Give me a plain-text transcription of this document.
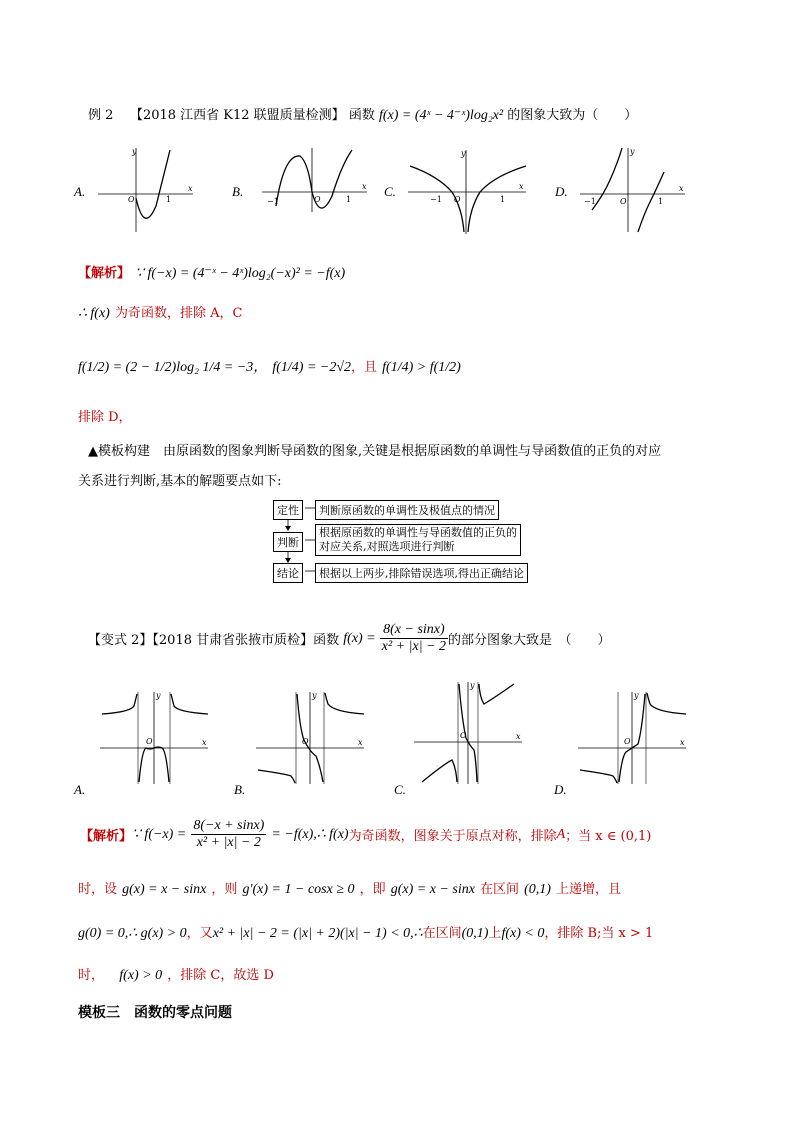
例 2 【2018 江西省 K12 联盟质量检测】 函数 f(x) = (4ˣ − 4⁻ˣ)log₂x² 的图象大致为（　　）
A.
y
x
O	1
B.
−1	O	1
x C.
y
−1 O	1
x D.
y
−1	O	1
x
【解析】 ∵ f(−x) = (4⁻ˣ − 4ˣ)log₂(−x)² = −f(x)
∴ f(x) 为奇函数，排除 A，C
f(1/2) = (2 − 1/2)log₂ 1/4 = −3， f(1/4) = −2√2，且 f(1/4) > f(1/2)
排除 D，
▲模板构建　由原函数的图象判断导函数的图象,关键是根据原函数的单调性与导函数值的正负的对应
关系进行判断,基本的解题要点如下:
定性	判断原函数的单调性及极值点的情况
判断
根据原函数的单调性与导函数值的正负的
对应关系,对照选项进行判断
结论	根据以上两步,排除错误选项,得出正确结论
【变式 2】【2018 甘肃省张掖市质检】 函数
f(x) =
$\frac{8(x - \sin x)}{\text{x² + |x| − 2}}$ 的部分图象大致是　（　　）
y
O	x
A.
y
O	x
B.
y
O	x
C.
y
O	x
D.
【解析】 ∵ f(−x) =
$\frac{8(-x + \sin x)}{\text{x² + |x| − 2}}$
= −f(x),∴ f(x) 为奇函数，图象关于原点对称，排除 A ；当 x ∈ (0,1)
时，设 g(x) = x − sinx ，则 g'(x) = 1 − cosx ≥ 0 ，即 g(x) = x − sinx 在区间 (0,1) 上递增，且
g(0) = 0,∴ g(x) > 0，又x² + |x| − 2 = (|x| + 2)(|x| − 1) < 0,∴在区间(0,1)上f(x) < 0，排除 B;当 x > 1
时， f(x) > 0 ，排除 C，故选 D
模板三　函数的零点问题
